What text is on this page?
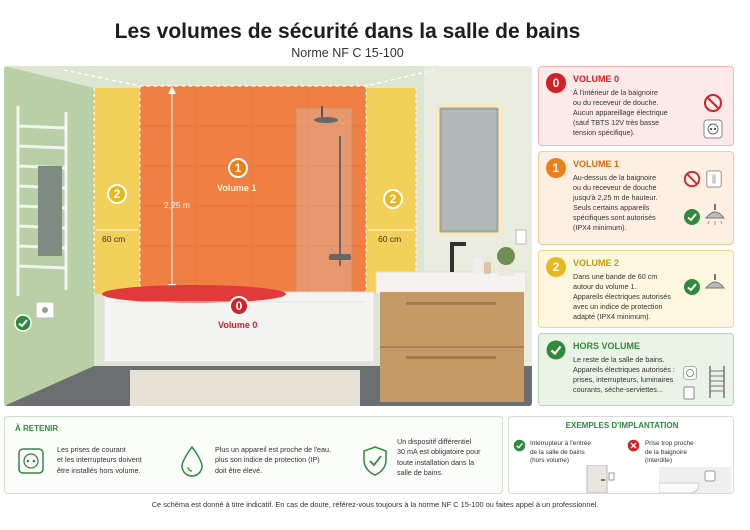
Les volumes de sécurité dans la salle de bains
Norme NF C 15-100
2	2
1
Volume 1
0
Volume 0
2,25 m
60 cm	60 cm
0	VOLUME 0
À l'intérieur de la baignoire
ou du receveur de douche.
Aucun appareillage électrique
(sauf TBTS 12V très basse
tension spécifique).
1	VOLUME 1
Au-dessus de la baignoire
ou du receveur de douche
jusqu'à 2,25 m de hauteur.
Seuls certains appareils
spécifiques sont autorisés
(IPX4 minimum).
2	VOLUME 2
Dans une bande de 60 cm
autour du volume 1.
Appareils électriques autorisés
avec un indice de protection
adapté (IPX4 minimum).
HORS VOLUME
Le reste de la salle de bains.
Appareils électriques autorisés :
prises, interrupteurs, luminaires
courants, sèche-serviettes...
À RETENIR
Les prises de courant
et les interrupteurs doivent
être installés hors volume.
Plus un appareil est proche de l'eau,
plus son indice de protection (IP)
doit être élevé.
Un dispositif différentiel
30 mA est obligatoire pour
toute installation dans la
salle de bains.
EXEMPLES D'IMPLANTATION
Interrupteur à l'entrée
de la salle de bains
(hors volume)
Prise trop proche
de la baignoire
(interdite)
Ce schéma est donné à titre indicatif. En cas de doute, référez-vous toujours à la norme NF C 15-100 ou faites appel à un professionnel.
